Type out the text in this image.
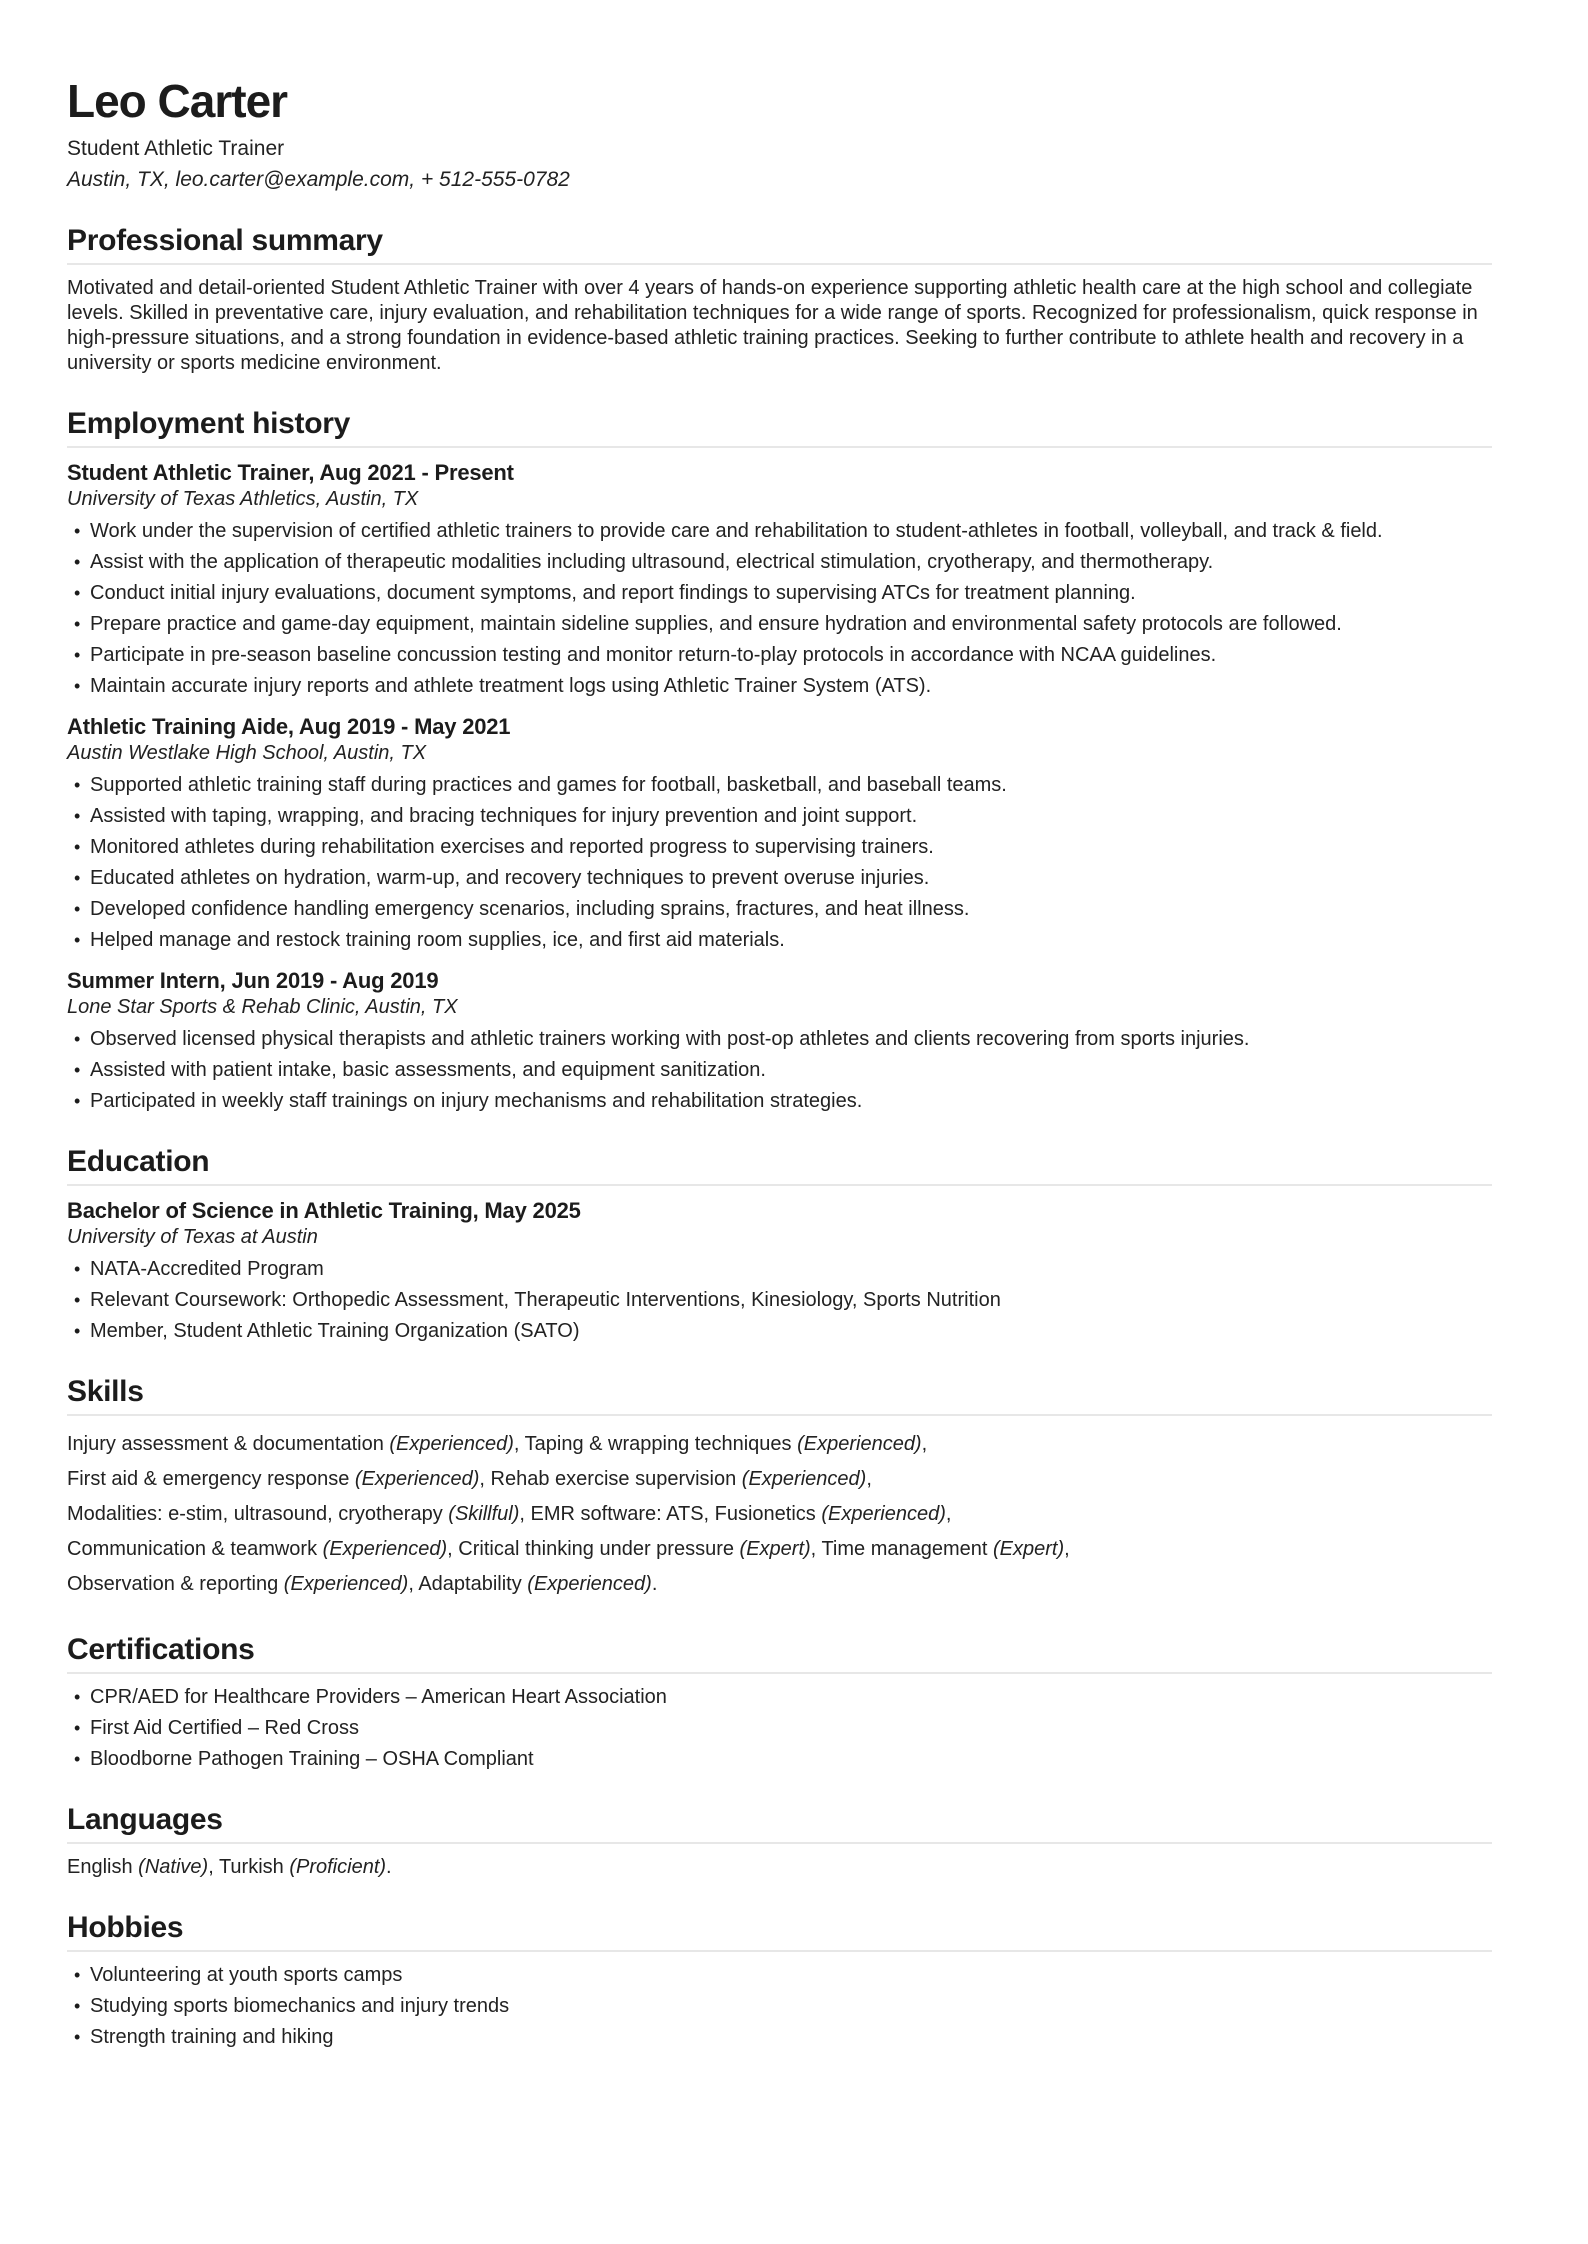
Leo Carter
Student Athletic Trainer
Austin, TX, leo.carter@example.com, + 512-555-0782
Professional summary

Motivated and detail-oriented Student Athletic Trainer with over 4 years of hands-on experience supporting athletic health care at the high school and collegiate levels. Skilled in preventative care, injury evaluation, and rehabilitation techniques for a wide range of sports. Recognized for professionalism, quick response in high-pressure situations, and a strong foundation in evidence-based athletic training practices. Seeking to further contribute to athlete health and recovery in a university or sports medicine environment.

Employment history
Student Athletic Trainer, Aug 2021 - Present

University of Texas Athletics, Austin, TX

• Work under the supervision of certified athletic trainers to provide care and rehabilitation to student-athletes in football, volleyball, and track & field.
• Assist with the application of therapeutic modalities including ultrasound, electrical stimulation, cryotherapy, and thermotherapy.
• Conduct initial injury evaluations, document symptoms, and report findings to supervising ATCs for treatment planning.
• Prepare practice and game-day equipment, maintain sideline supplies, and ensure hydration and environmental safety protocols are followed.
• Participate in pre-season baseline concussion testing and monitor return-to-play protocols in accordance with NCAA guidelines.
• Maintain accurate injury reports and athlete treatment logs using Athletic Trainer System (ATS).
Athletic Training Aide, Aug 2019 - May 2021

Austin Westlake High School, Austin, TX

• Supported athletic training staff during practices and games for football, basketball, and baseball teams.
• Assisted with taping, wrapping, and bracing techniques for injury prevention and joint support.
• Monitored athletes during rehabilitation exercises and reported progress to supervising trainers.
• Educated athletes on hydration, warm-up, and recovery techniques to prevent overuse injuries.
• Developed confidence handling emergency scenarios, including sprains, fractures, and heat illness.
• Helped manage and restock training room supplies, ice, and first aid materials.
Summer Intern, Jun 2019 - Aug 2019

Lone Star Sports & Rehab Clinic, Austin, TX

• Observed licensed physical therapists and athletic trainers working with post-op athletes and clients recovering from sports injuries.
• Assisted with patient intake, basic assessments, and equipment sanitization.
• Participated in weekly staff trainings on injury mechanisms and rehabilitation strategies.
Education
Bachelor of Science in Athletic Training, May 2025

University of Texas at Austin

• NATA-Accredited Program
• Relevant Coursework: Orthopedic Assessment, Therapeutic Interventions, Kinesiology, Sports Nutrition
• Member, Student Athletic Training Organization (SATO)
Skills
Injury assessment & documentation (Experienced), Taping & wrapping techniques (Experienced),
First aid & emergency response (Experienced), Rehab exercise supervision (Experienced),
Modalities: e-stim, ultrasound, cryotherapy (Skillful), EMR software: ATS, Fusionetics (Experienced),
Communication & teamwork (Experienced), Critical thinking under pressure (Expert), Time management (Expert),
Observation & reporting (Experienced), Adaptability (Experienced).
Certifications
• CPR/AED for Healthcare Providers – American Heart Association
• First Aid Certified – Red Cross
• Bloodborne Pathogen Training – OSHA Compliant
Languages

English (Native), Turkish (Proficient).

Hobbies
• Volunteering at youth sports camps
• Studying sports biomechanics and injury trends
• Strength training and hiking
